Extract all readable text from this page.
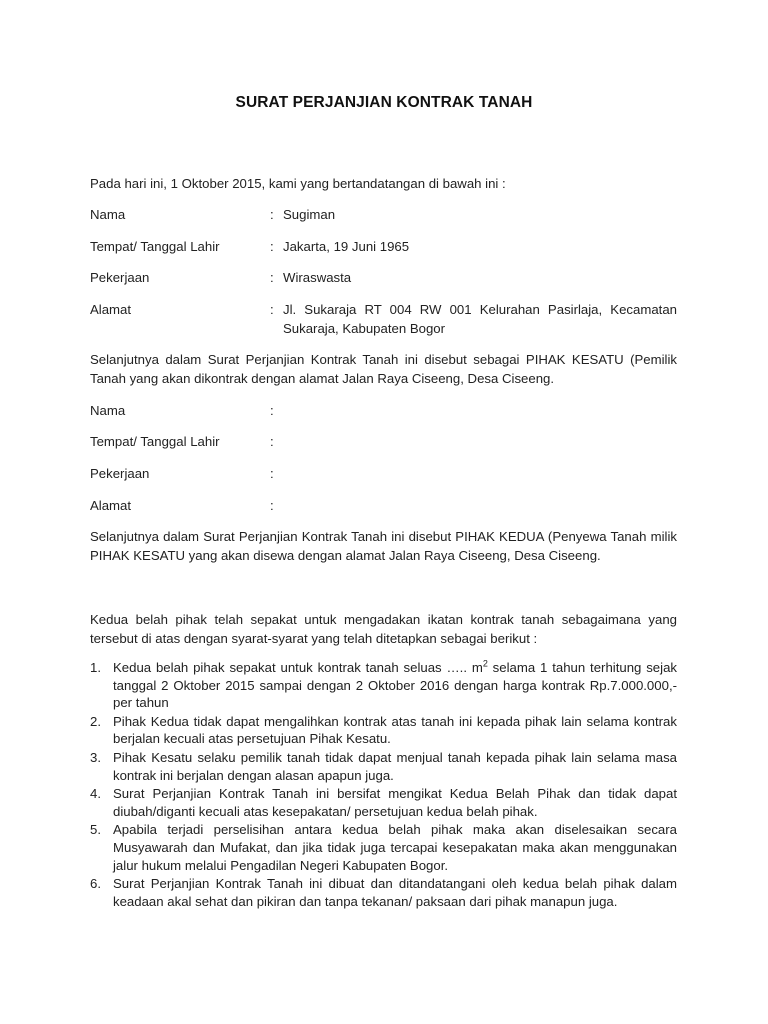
SURAT PERJANJIAN KONTRAK TANAH
Pada hari ini, 1 Oktober 2015, kami yang bertandatangan di bawah ini :
Nama	: Sugiman
Tempat/ Tanggal Lahir	: Jakarta, 19 Juni 1965
Pekerjaan	: Wiraswasta
Alamat	: Jl. Sukaraja RT 004 RW 001 Kelurahan Pasirlaja, Kecamatan Sukaraja, Kabupaten Bogor
Selanjutnya dalam Surat Perjanjian Kontrak Tanah ini disebut sebagai PIHAK KESATU (Pemilik Tanah yang akan dikontrak dengan alamat Jalan Raya Ciseeng, Desa Ciseeng.
Nama	:
Tempat/ Tanggal Lahir	:
Pekerjaan	:
Alamat	:
Selanjutnya dalam Surat Perjanjian Kontrak Tanah ini disebut PIHAK KEDUA (Penyewa Tanah milik PIHAK KESATU yang akan disewa dengan alamat Jalan Raya Ciseeng, Desa Ciseeng.
Kedua belah pihak telah sepakat untuk mengadakan ikatan kontrak tanah sebagaimana yang tersebut di atas dengan syarat-syarat yang telah ditetapkan sebagai berikut :
1. Kedua belah pihak sepakat untuk kontrak tanah seluas ….. $m^2$ selama 1 tahun terhitung sejak tanggal 2 Oktober 2015 sampai dengan 2 Oktober 2016 dengan harga kontrak Rp.7.000.000,- per tahun
2. Pihak Kedua tidak dapat mengalihkan kontrak atas tanah ini kepada pihak lain selama kontrak berjalan kecuali atas persetujuan Pihak Kesatu.
3. Pihak Kesatu selaku pemilik tanah tidak dapat menjual tanah kepada pihak lain selama masa kontrak ini berjalan dengan alasan apapun juga.
4. Surat Perjanjian Kontrak Tanah ini bersifat mengikat Kedua Belah Pihak dan tidak dapat diubah/diganti kecuali atas kesepakatan/ persetujuan kedua belah pihak.
5. Apabila terjadi perselisihan antara kedua belah pihak maka akan diselesaikan secara Musyawarah dan Mufakat, dan jika tidak juga tercapai kesepakatan maka akan menggunakan jalur hukum melalui Pengadilan Negeri Kabupaten Bogor.
6. Surat Perjanjian Kontrak Tanah ini dibuat dan ditandatangani oleh kedua belah pihak dalam keadaan akal sehat dan pikiran dan tanpa tekanan/ paksaan dari pihak manapun juga.
